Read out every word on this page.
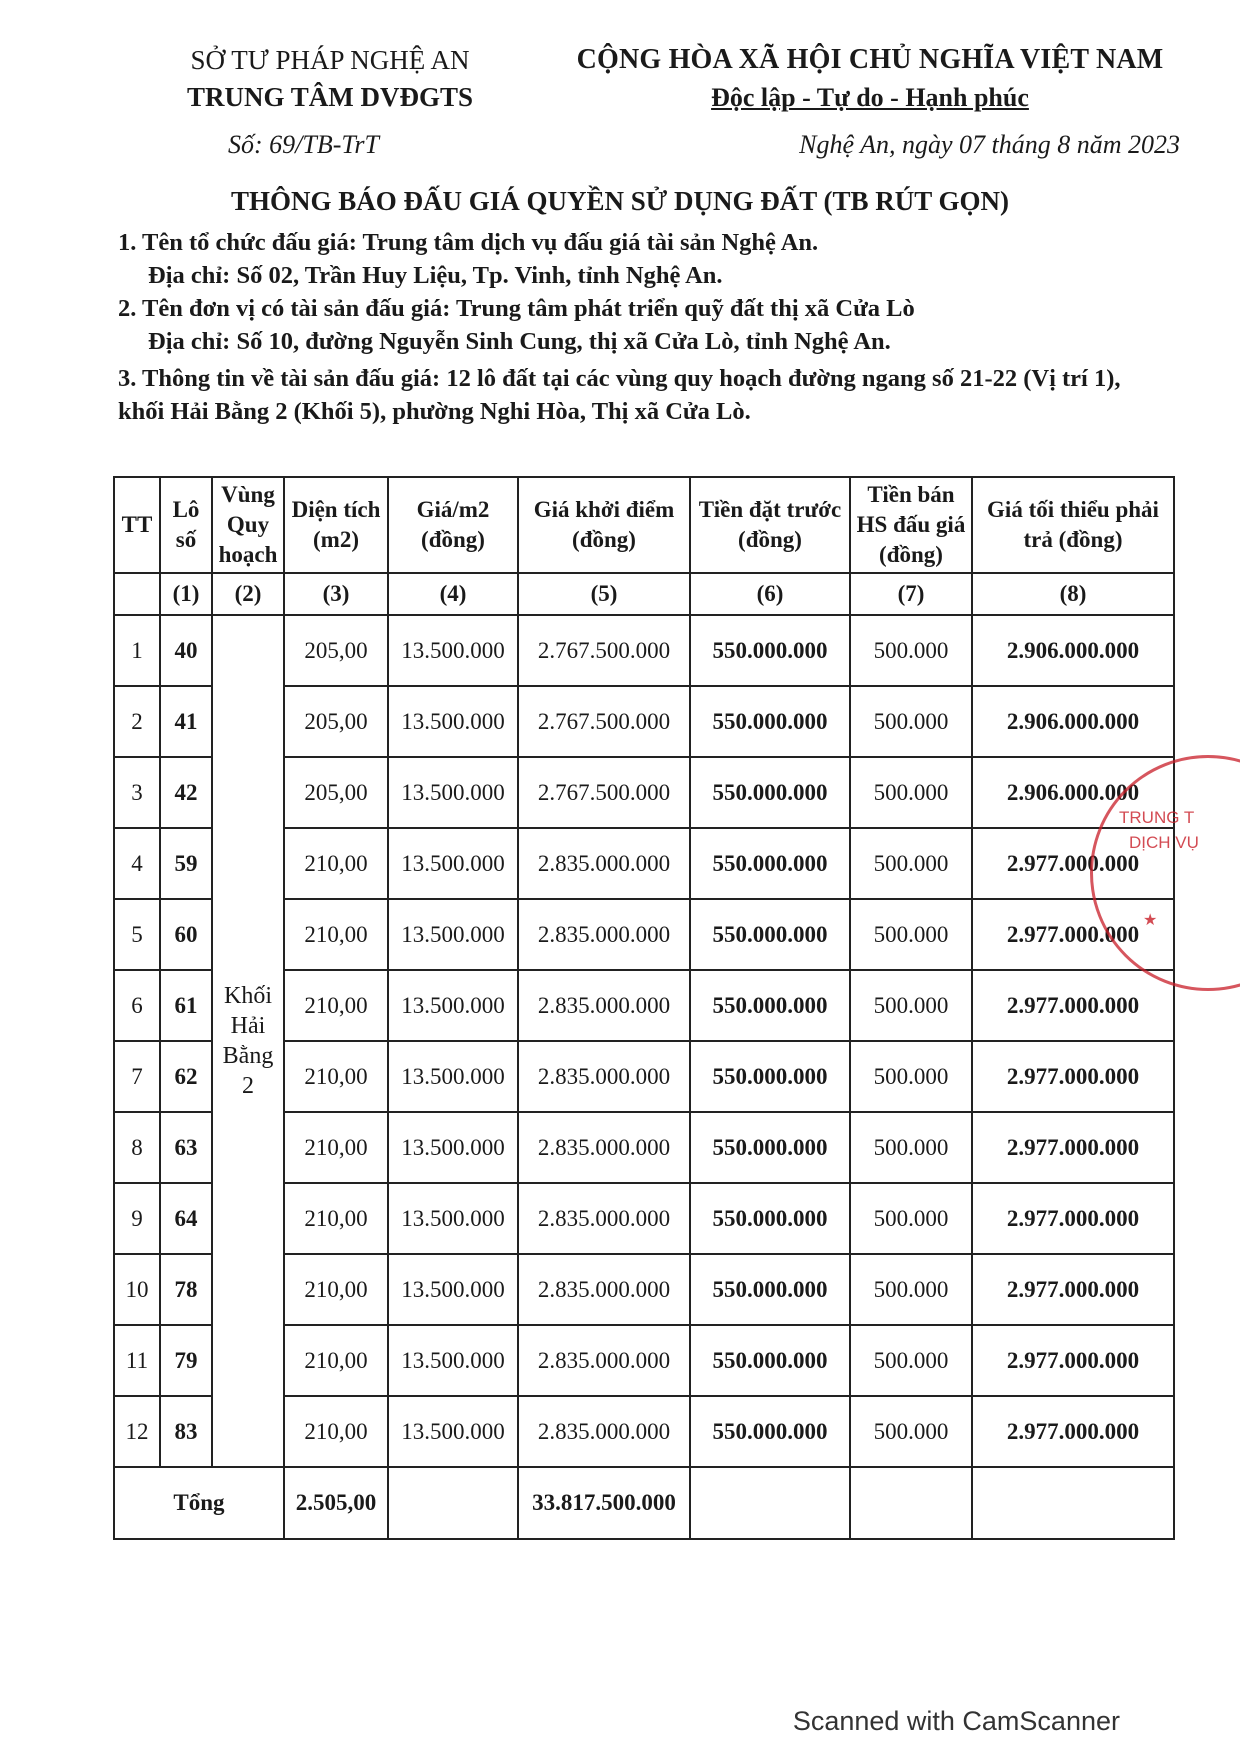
SỞ TƯ PHÁP NGHỆ AN
TRUNG TÂM DVĐGTS
CỘNG HÒA XÃ HỘI CHỦ NGHĨA VIỆT NAM
Độc lập - Tự do - Hạnh phúc
Số: 69/TB-TrT	Nghệ An, ngày 07 tháng 8 năm 2023
THÔNG BÁO ĐẤU GIÁ QUYỀN SỬ DỤNG ĐẤT (TB RÚT GỌN)
1. Tên tổ chức đấu giá: Trung tâm dịch vụ đấu giá tài sản Nghệ An.
Địa chỉ: Số 02, Trần Huy Liệu, Tp. Vinh, tỉnh Nghệ An.
2. Tên đơn vị có tài sản đấu giá: Trung tâm phát triển quỹ đất thị xã Cửa Lò
Địa chỉ: Số 10, đường Nguyễn Sinh Cung, thị xã Cửa Lò, tỉnh Nghệ An.
3. Thông tin về tài sản đấu giá: 12 lô đất tại các vùng quy hoạch đường ngang số 21-22 (Vị trí 1),
khối Hải Bằng 2 (Khối 5), phường Nghi Hòa, Thị xã Cửa Lò.
TT	Lô số	Vùng Quy hoạch	Diện tích (m2)	Giá/m2 (đồng)	Giá khởi điểm (đồng)	Tiền đặt trước (đồng)	Tiền bán HS đấu giá (đồng)	Giá tối thiểu phải trả (đồng)
	(1)	(2)	(3)	(4)	(5)	(6)	(7)	(8)
1	40	Khối Hải Bằng 2	205,00	13.500.000	2.767.500.000	550.000.000	500.000	2.906.000.000
2	41		205,00	13.500.000	2.767.500.000	550.000.000	500.000	2.906.000.000
3	42		205,00	13.500.000	2.767.500.000	550.000.000	500.000	2.906.000.000
4	59		210,00	13.500.000	2.835.000.000	550.000.000	500.000	2.977.000.000
5	60		210,00	13.500.000	2.835.000.000	550.000.000	500.000	2.977.000.000
6	61		210,00	13.500.000	2.835.000.000	550.000.000	500.000	2.977.000.000
7	62		210,00	13.500.000	2.835.000.000	550.000.000	500.000	2.977.000.000
8	63		210,00	13.500.000	2.835.000.000	550.000.000	500.000	2.977.000.000
9	64		210,00	13.500.000	2.835.000.000	550.000.000	500.000	2.977.000.000
10	78		210,00	13.500.000	2.835.000.000	550.000.000	500.000	2.977.000.000
11	79		210,00	13.500.000	2.835.000.000	550.000.000	500.000	2.977.000.000
12	83		210,00	13.500.000	2.835.000.000	550.000.000	500.000	2.977.000.000
Tổng			2.505,00		33.817.500.000			
TRUNG T
DỊCH VỤ
★
Scanned with CamScanner
